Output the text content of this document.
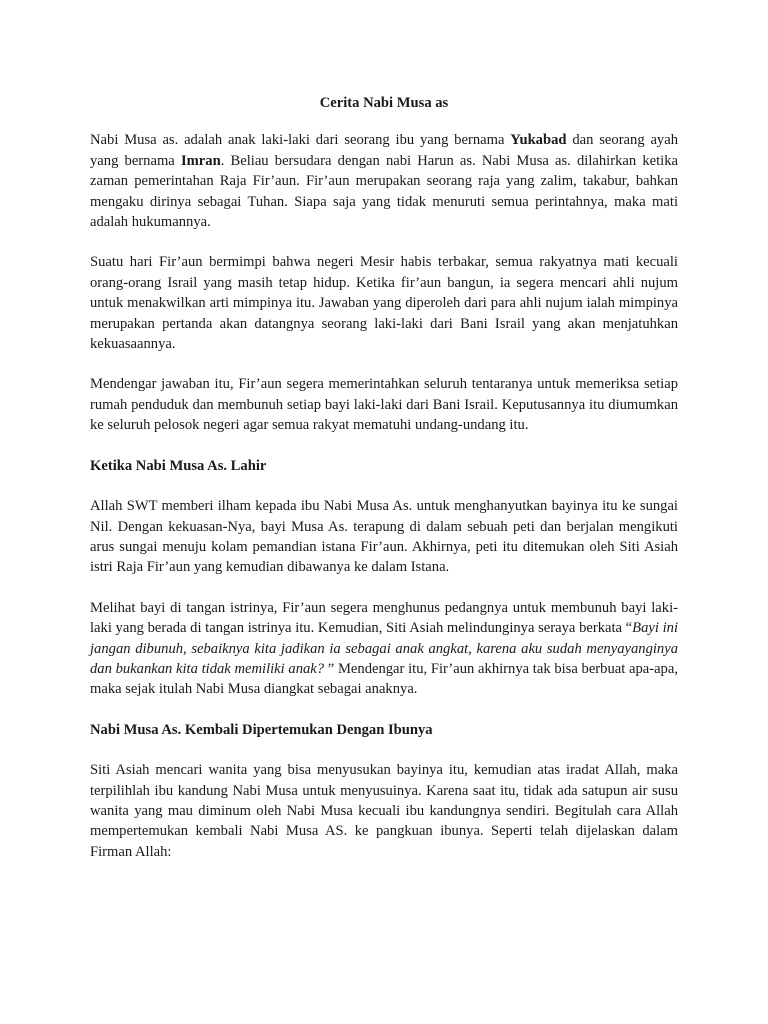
Cerita Nabi Musa as

Nabi Musa as. adalah anak laki-laki dari seorang ibu yang bernama Yukabad dan seorang ayah yang bernama Imran. Beliau bersudara dengan nabi Harun as. Nabi Musa as. dilahirkan ketika zaman pemerintahan Raja Fir’aun. Fir’aun merupakan seorang raja yang zalim, takabur, bahkan mengaku dirinya sebagai Tuhan. Siapa saja yang tidak menuruti semua perintahnya, maka mati adalah hukumannya.

Suatu hari Fir’aun bermimpi bahwa negeri Mesir habis terbakar, semua rakyatnya mati kecuali orang-orang Israil yang masih tetap hidup. Ketika fir’aun bangun, ia segera mencari ahli nujum untuk menakwilkan arti mimpinya itu. Jawaban yang diperoleh dari para ahli nujum ialah mimpinya merupakan pertanda akan datangnya seorang laki-laki dari Bani Israil yang akan menjatuhkan kekuasaannya.

Mendengar jawaban itu, Fir’aun segera memerintahkan seluruh tentaranya untuk memeriksa setiap rumah penduduk dan membunuh setiap bayi laki-laki dari Bani Israil. Keputusannya itu diumumkan ke seluruh pelosok negeri agar semua rakyat mematuhi undang-undang itu.

Ketika Nabi Musa As. Lahir

Allah SWT memberi ilham kepada ibu Nabi Musa As. untuk menghanyutkan bayinya itu ke sungai Nil. Dengan kekuasan-Nya, bayi Musa As. terapung di dalam sebuah peti dan berjalan mengikuti arus sungai menuju kolam pemandian istana Fir’aun. Akhirnya, peti itu ditemukan oleh Siti Asiah istri Raja Fir’aun yang kemudian dibawanya ke dalam Istana.

Melihat bayi di tangan istrinya, Fir’aun segera menghunus pedangnya untuk membunuh bayi laki-laki yang berada di tangan istrinya itu. Kemudian, Siti Asiah melindunginya seraya berkata “Bayi ini jangan dibunuh, sebaiknya kita jadikan ia sebagai anak angkat, karena aku sudah menyayanginya dan bukankan kita tidak memiliki anak? ” Mendengar itu, Fir’aun akhirnya tak bisa berbuat apa-apa, maka sejak itulah Nabi Musa diangkat sebagai anaknya.

Nabi Musa As. Kembali Dipertemukan Dengan Ibunya

Siti Asiah mencari wanita yang bisa menyusukan bayinya itu, kemudian atas iradat Allah, maka terpilihlah ibu kandung Nabi Musa untuk menyusuinya. Karena saat itu, tidak ada satupun air susu wanita yang mau diminum oleh Nabi Musa kecuali ibu kandungnya sendiri. Begitulah cara Allah mempertemukan kembali Nabi Musa AS. ke pangkuan ibunya. Seperti telah dijelaskan dalam Firman Allah:
